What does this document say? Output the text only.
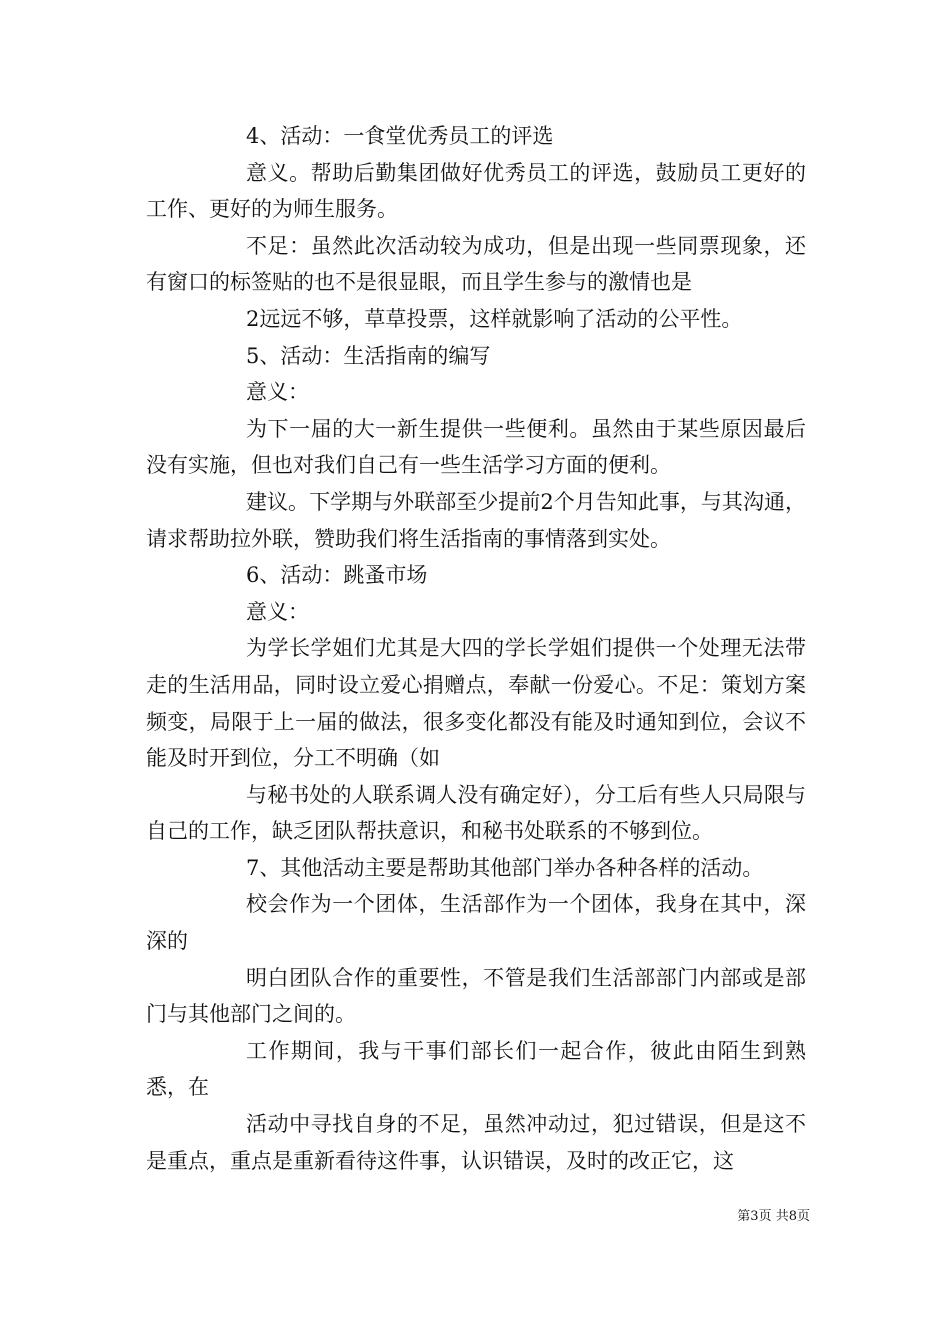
4、活动：一食堂优秀员工的评选

意义。帮助后勤集团做好优秀员工的评选，鼓励员工更好的工作、更好的为师生服务。

不足：虽然此次活动较为成功，但是出现一些同票现象，还有窗口的标签贴的也不是很显眼，而且学生参与的激情也是

2远远不够，草草投票，这样就影响了活动的公平性。

5、活动：生活指南的编写

意义：

为下一届的大一新生提供一些便利。虽然由于某些原因最后没有实施，但也对我们自己有一些生活学习方面的便利。

建议。下学期与外联部至少提前2个月告知此事，与其沟通，请求帮助拉外联，赞助我们将生活指南的事情落到实处。

6、活动：跳蚤市场

意义：

为学长学姐们尤其是大四的学长学姐们提供一个处理无法带走的生活用品，同时设立爱心捐赠点，奉献一份爱心。不足：策划方案频变，局限于上一届的做法，很多变化都没有能及时通知到位，会议不能及时开到位，分工不明确（如

与秘书处的人联系调人没有确定好），分工后有些人只局限与自己的工作，缺乏团队帮扶意识，和秘书处联系的不够到位。

7、其他活动主要是帮助其他部门举办各种各样的活动。

校会作为一个团体，生活部作为一个团体，我身在其中，深深的

明白团队合作的重要性，不管是我们生活部部门内部或是部门与其他部门之间的。

工作期间，我与干事们部长们一起合作，彼此由陌生到熟悉，在

活动中寻找自身的不足，虽然冲动过，犯过错误，但是这不是重点，重点是重新看待这件事，认识错误，及时的改正它，这

第3页 共8页
